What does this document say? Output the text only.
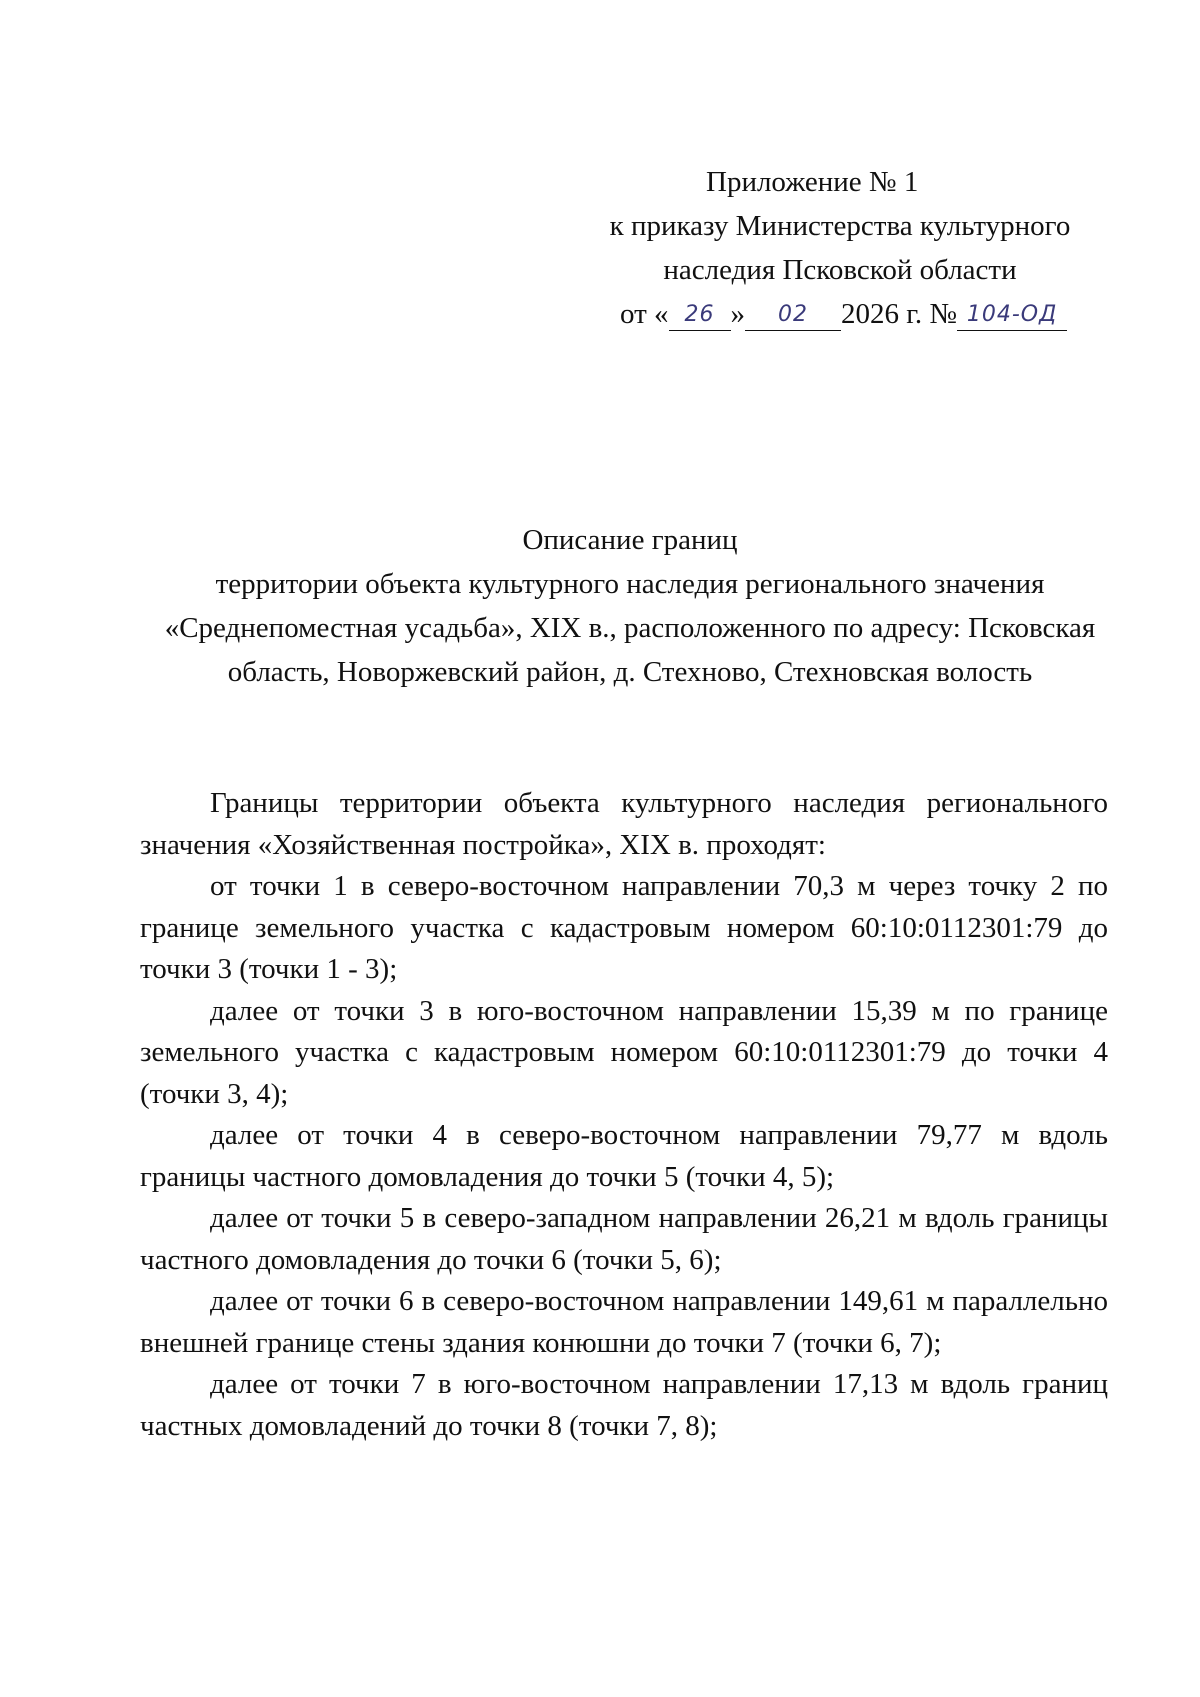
Приложение № 1
к приказу Министерства культурного
наследия Псковской области
от « 26 » 02 2026 г. № 104-ОД
Описание границ
территории объекта культурного наследия регионального значения
«Среднепоместная усадьба», XIX в., расположенного по адресу: Псковская
область, Новоржевский район, д. Стехново, Стехновская волость

Границы территории объекта культурного наследия регионального значения «Хозяйственная постройка», XIX в. проходят:

от точки 1 в северо-восточном направлении 70,3 м через точку 2 по границе земельного участка с кадастровым номером 60:10:0112301:79 до точки 3 (точки 1 - 3);

далее от точки 3 в юго-восточном направлении 15,39 м по границе земельного участка с кадастровым номером 60:10:0112301:79 до точки 4 (точки 3, 4);

далее от точки 4 в северо-восточном направлении 79,77 м вдоль границы частного домовладения до точки 5 (точки 4, 5);

далее от точки 5 в северо-западном направлении 26,21 м вдоль границы частного домовладения до точки 6 (точки 5, 6);

далее от точки 6 в северо-восточном направлении 149,61 м параллельно внешней границе стены здания конюшни до точки 7 (точки 6, 7);

далее от точки 7 в юго-восточном направлении 17,13 м вдоль границ частных домовладений до точки 8 (точки 7, 8);
